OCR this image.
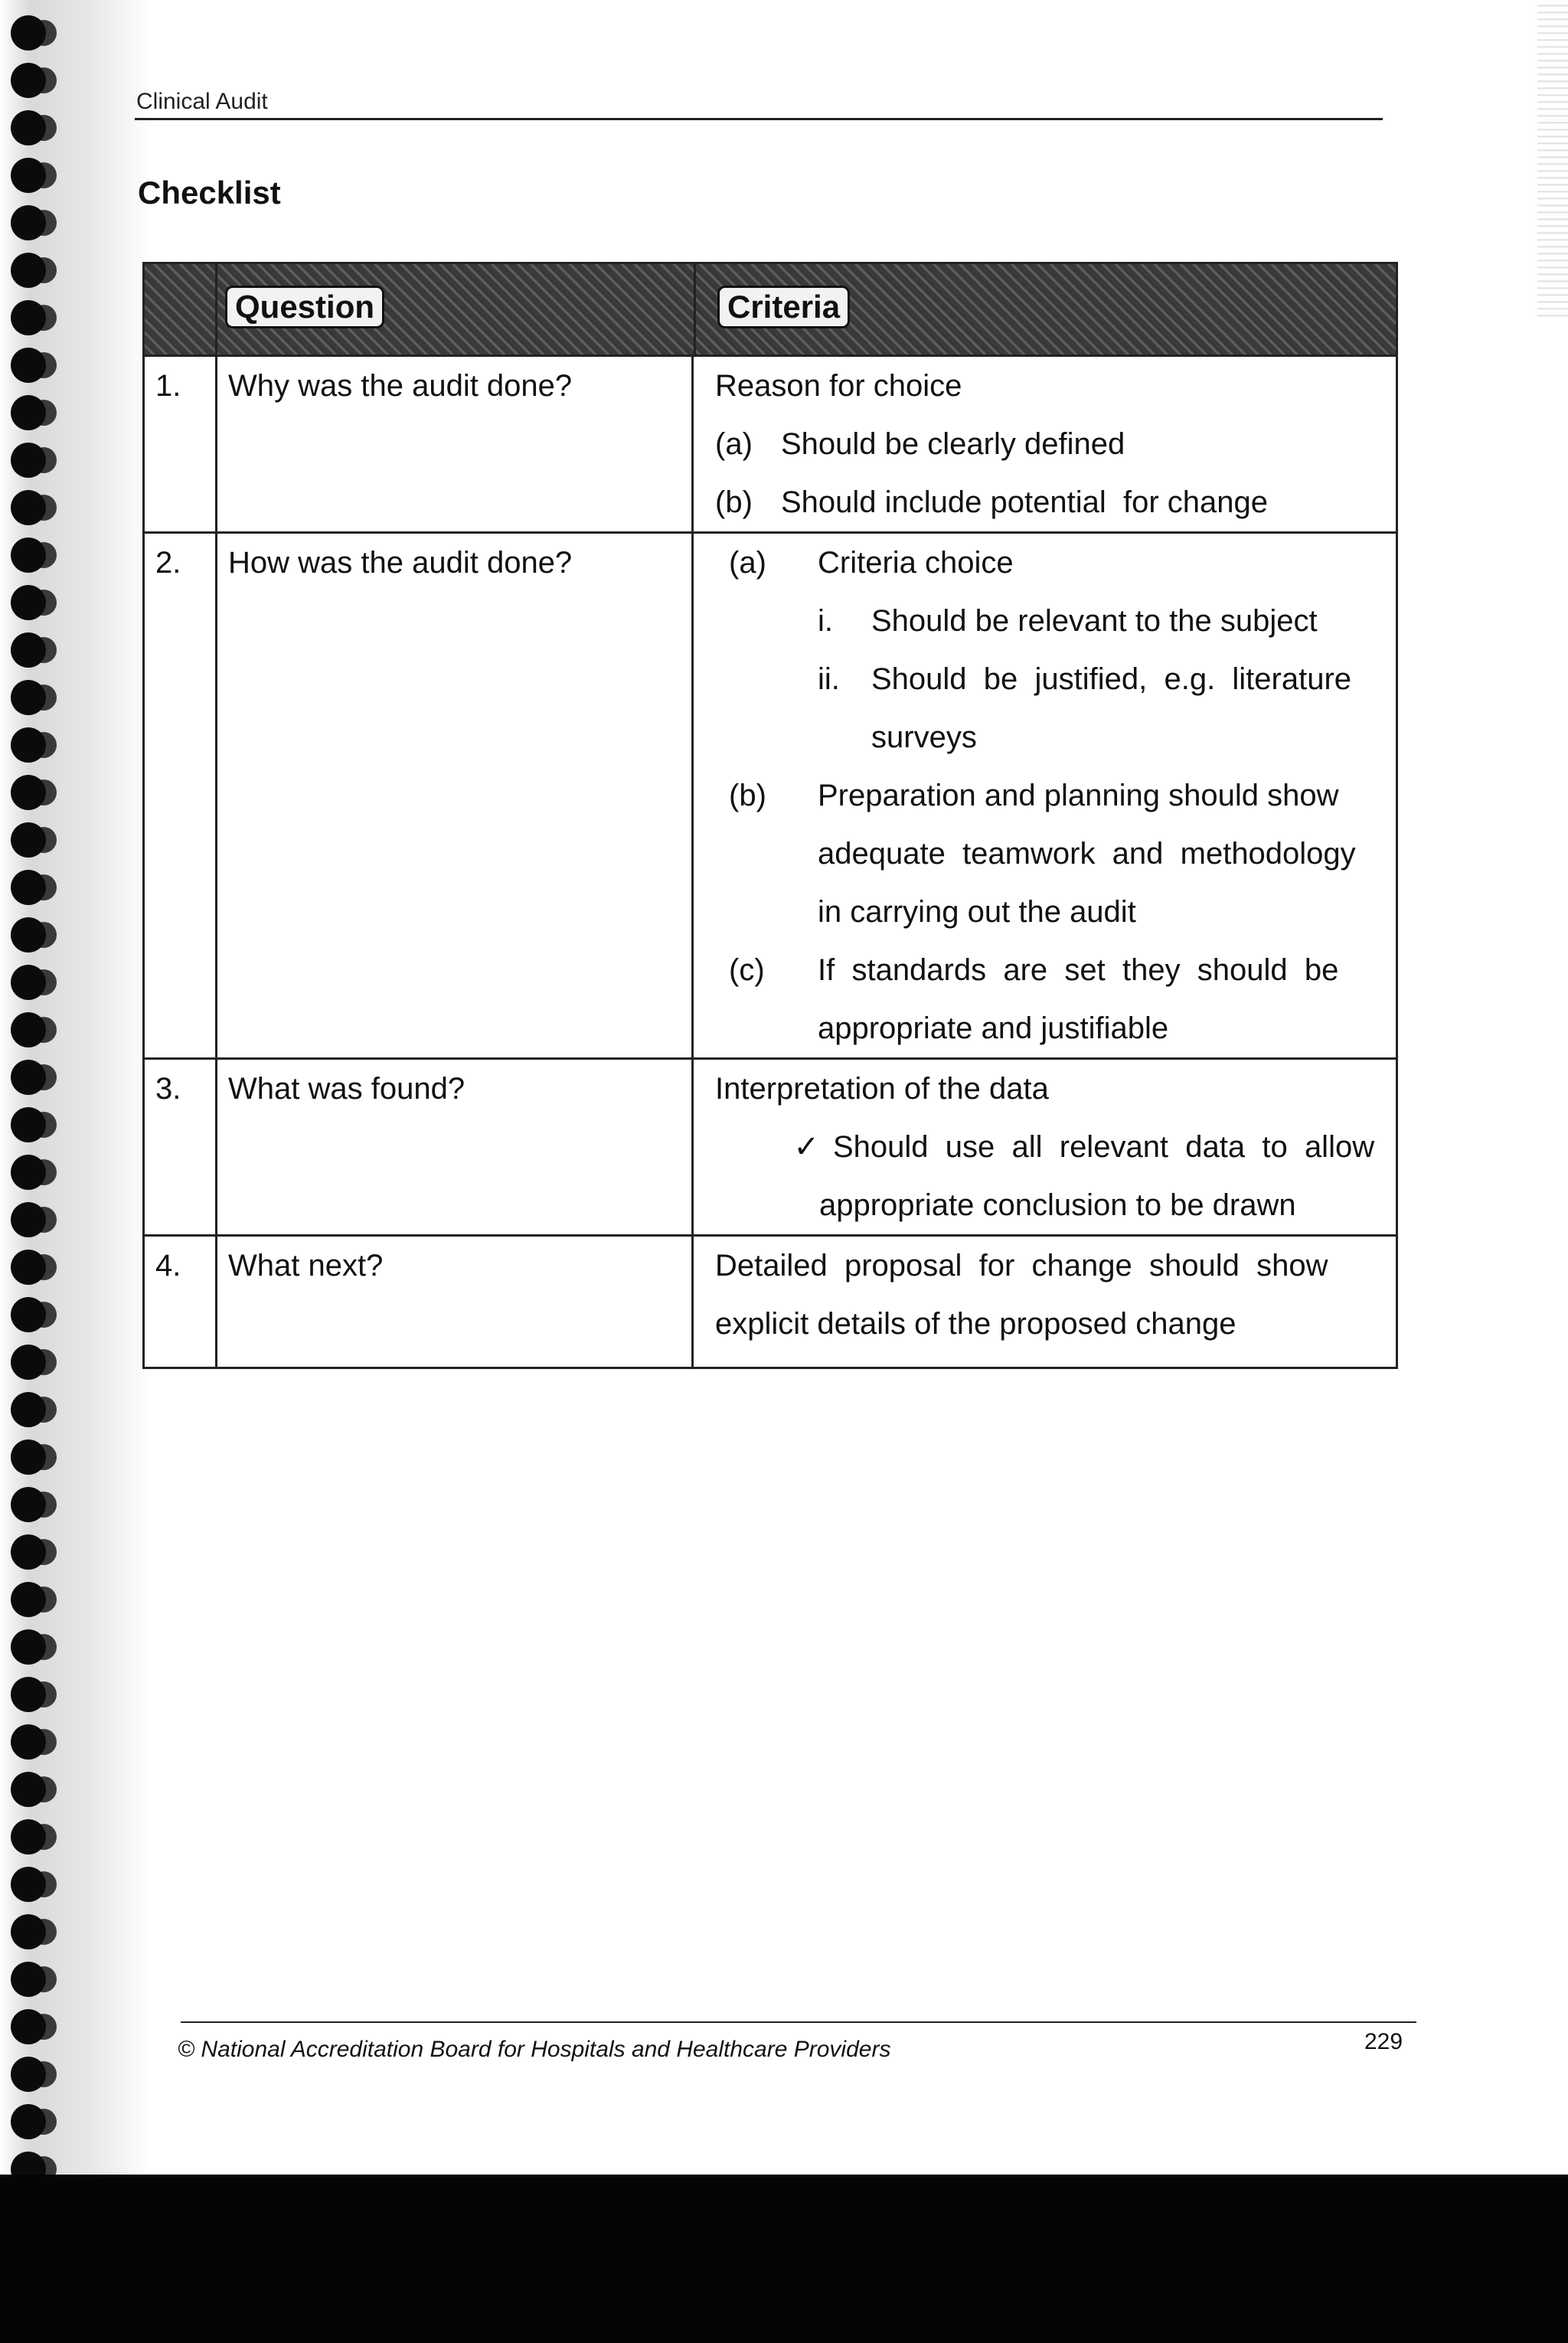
Clinical Audit
Checklist
Question	Criteria
1.	Why was the audit done?	Reason for choice
(a) Should be clearly defined
(b) Should include potential  for change
2.	How was the audit done?	(a)	Criteria choice
i.	Should be relevant to the subject
ii.	Should  be  justified,  e.g.  literature
surveys
(b)	Preparation and planning should show
adequate  teamwork  and  methodology
in carrying out the audit
(c)	If  standards  are  set  they  should  be
appropriate and justifiable
3.	What was found?	Interpretation of the data
✓ Should  use  all  relevant  data  to  allow
appropriate conclusion to be drawn
4.	What next?	Detailed  proposal  for  change  should  show
explicit details of the proposed change
© National Accreditation Board for Hospitals and Healthcare Providers	229
